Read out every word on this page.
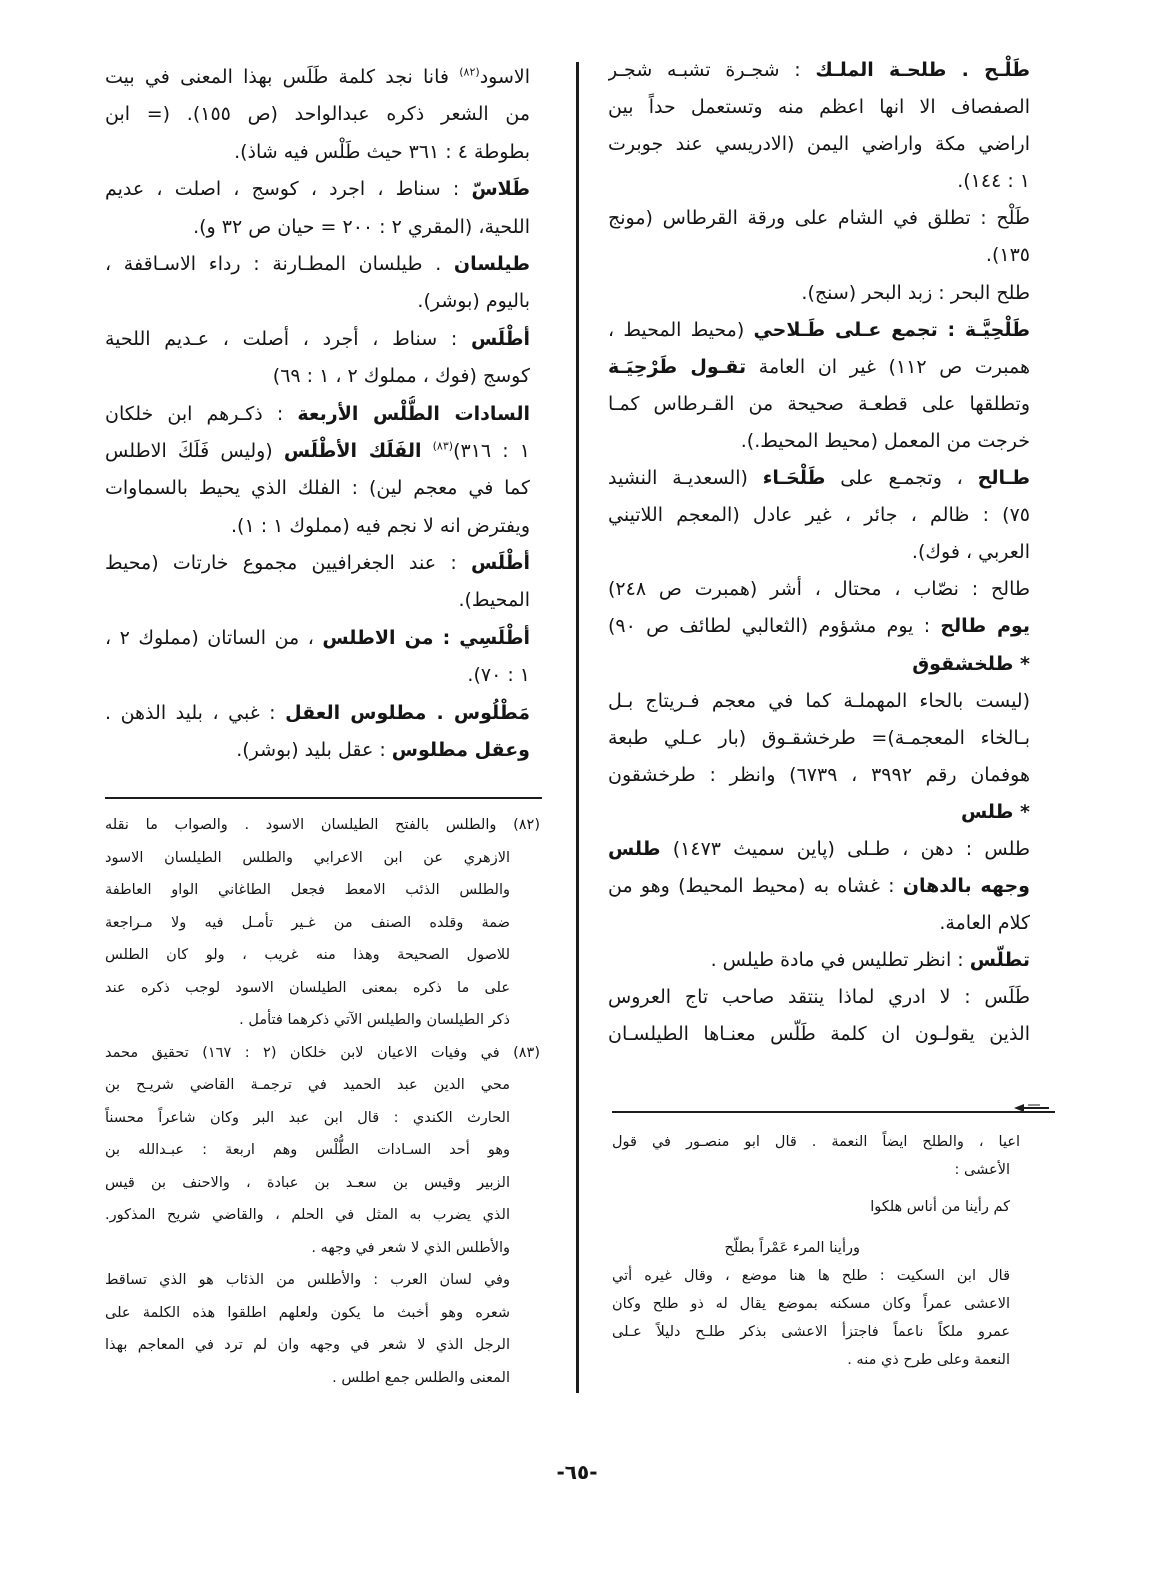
طَلْـح . طلحـة الملـك : شجـرة تشبـه شجـر
الصفصاف الا انها اعظم منه وتستعمل حداً بين
اراضي مكة واراضي اليمن (الادريسي عند جوبرت
١ : ١٤٤).
طَلْح : تطلق في الشام على ورقة القرطاس (مونج
١٣٥).
طلح البحر : زبد البحر (سنج).
طَلْحِيَّـة : تجمع عـلى طَـلاحي (محيط المحيط ،
همبرت ص ١١٢) غير ان العامة تقـول طَرْحِيَـة
وتطلقها على قطعـة صحيحة من القـرطاس كمـا
خرجت من المعمل (محيط المحيط.).
طـالح ، وتجمـع على طَلْحَـاء (السعديـة النشيد
٧٥) : ظالم ، جائر ، غير عادل (المعجم اللاتيني
العربي ، فوك).
طالح : نصّاب ، محتال ، أشر (همبرت ص ٢٤٨)
يوم طالح : يوم مشؤوم (الثعالبي لطائف ص ٩٠)
* طلخشقوق
(ليست بالحاء المهملـة كما في معجم فـريتاج بـل
بـالخاء المعجمـة)= طرخشقـوق (بار عـلي طبعة
هوفمان رقم ٣٩٩٢ ، ٦٧٣٩) وانظر : طرخشقون
* طلس
طلس : دهن ، طـلى (پاين سميث ١٤٧٣) طلس
وجهه بالدهان : غشاه به (محيط المحيط) وهو من
كلام العامة.
تطلّس : انظر تطليس في مادة طيلس .
طَلَس : لا ادري لماذا ينتقد صاحب تاج العروس
الذين يقولـون ان كلمة طَلّس معنـاها الطيلسـان
الاسود$^{(٨٢)}$ فانا نجد كلمة طَلَس بهذا المعنى في بيت
من الشعر ذكره عبدالواحد (ص ١٥٥). (= ابن
بطوطة ٤ : ٣٦١ حيث طَلْس فيه شاذ).
طَلاسّ : سناط ، اجرد ، كوسج ، اصلت ، عديم
اللحية، (المقري ٢ : ٢٠٠ = حيان ص ٣٢ و).
طيلسان . طيلسان المطـارنة : رداء الاسـاقفة ،
باليوم (بوشر).
أطْلَس : سناط ، أجرد ، أصلت ، عـديم اللحية
كوسج (فوك ، مملوك ٢ ، ١ : ٦٩)
السادات الطُّلْس الأربعة : ذكـرهم ابن خلكان
١ : ٣١٦)$^{(٨٣)}$ الفَلَك الأطْلَس (وليس فَلَكَ الاطلس
كما في معجم لين) : الفلك الذي يحيط بالسماوات
ويفترض انه لا نجم فيه (مملوك ١ : ١).
أطْلَس : عند الجغرافيين مجموع خارتات (محيط
المحيط).
أطْلَسِي : من الاطلس ، من الساتان (مملوك ٢ ،
١ : ٧٠).
مَطْلُوس . مطلوس العقل : غبي ، بليد الذهن .
وعقل مطلوس : عقل بليد (بوشر).
(٨٢) والطلس بالفتح الطيلسان الاسود . والصواب ما نقله
الازهري عن ابن الاعرابي والطلس الطيلسان الاسود
والطلس الذئب الامعط فجعل الطاغاني الواو العاطفة
ضمة وقلده الصنف من غـير تأمـل فيه ولا مـراجعة
للاصول الصحيحة وهذا منه غريب ، ولو كان الطلس
على ما ذكره بمعنى الطيلسان الاسود لوجب ذكره عند
ذكر الطيلسان والطيلس الآتي ذكرهما فتأمل .
(٨٣) في وفيات الاعيان لابن خلكان (٢ : ١٦٧) تحقيق محمد
محي الدين عبد الحميد في ترجمـة القاضي شريـح بن
الحارث الكندي : قال ابن عبد البر وكان شاعراً محسناً
وهو أحد السـادات الطُّلْس وهم اربعة : عبـدالله بن
الزبير وقيس بن سعـد بن عبادة ، والاحنف بن قيس
الذي يضرب به المثل في الحلم ، والقاضي شريح المذكور.
والأطلس الذي لا شعر في وجهه .
وفي لسان العرب : والأطلس من الذئاب هو الذي تساقط
شعره وهو أخبث ما يكون ولعلهم اطلقوا هذه الكلمة على
الرجل الذي لا شعر في وجهه وان لم ترد في المعاجم بهذا
المعنى والطلس جمع اطلس .
اعيا ، والطلح ايضاً النعمة . قال ابو منصـور في قول
الأعشى :
كم رأينا من أناس هلكوا
ورأينا المرء عَمْراً بطلّح
قال ابن السكيت : طلح ها هنا موضع ، وقال غيره أتي
الاعشى عمراً وكان مسكنه بموضع يقال له ذو طلح وكان
عمرو ملكاً ناعماً فاجتزأ الاعشى بذكر طلـح دليلاً عـلى
النعمة وعلى طرح ذي منه .
-٦٥-
